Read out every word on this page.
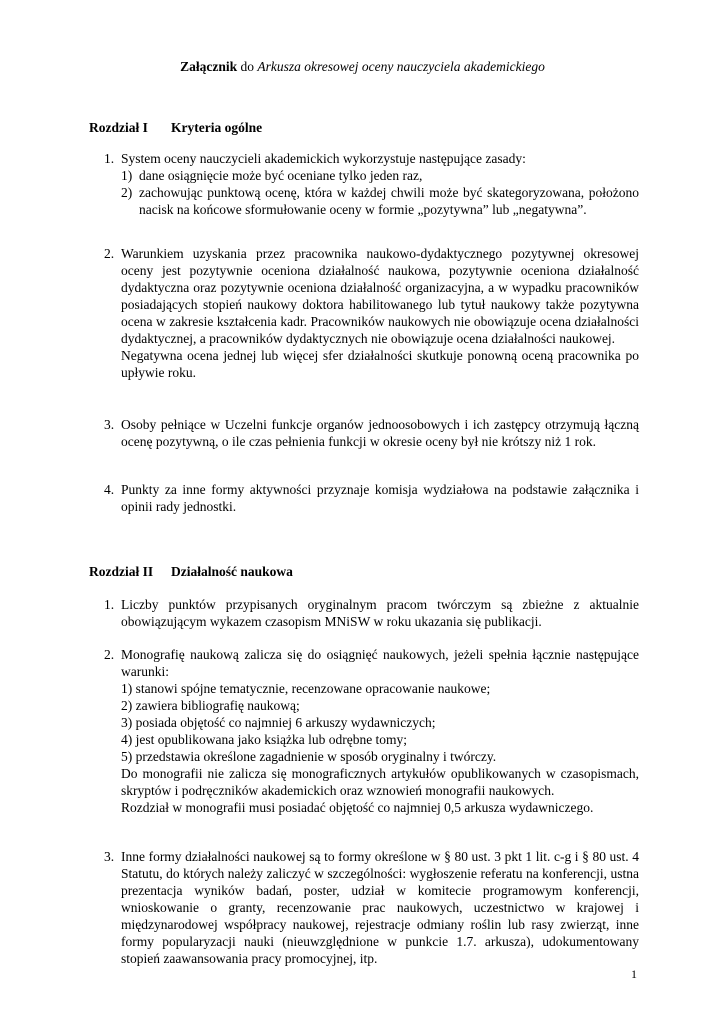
Załącznik do Arkusza okresowej oceny nauczyciela akademickiego
Rozdział I Kryteria ogólne
1. System oceny nauczycieli akademickich wykorzystuje następujące zasady:
1) dane osiągnięcie może być oceniane tylko jeden raz,
2) zachowując punktową ocenę, która w każdej chwili może być skategoryzowana, położono nacisk na końcowe sformułowanie oceny w formie „pozytywna” lub „negatywna”.
2. Warunkiem uzyskania przez pracownika naukowo-dydaktycznego pozytywnej okresowej oceny jest pozytywnie oceniona działalność naukowa, pozytywnie oceniona działalność dydaktyczna oraz pozytywnie oceniona działalność organizacyjna, a w wypadku pracowników posiadających stopień naukowy doktora habilitowanego lub tytuł naukowy także pozytywna ocena w zakresie kształcenia kadr. Pracowników naukowych nie obowiązuje ocena działalności dydaktycznej, a pracowników dydaktycznych nie obowiązuje ocena działalności naukowej.
Negatywna ocena jednej lub więcej sfer działalności skutkuje ponowną oceną pracownika po upływie roku.
3. Osoby pełniące w Uczelni funkcje organów jednoosobowych i ich zastępcy otrzymują łączną ocenę pozytywną, o ile czas pełnienia funkcji w okresie oceny był nie krótszy niż 1 rok.
4. Punkty za inne formy aktywności przyznaje komisja wydziałowa na podstawie załącznika i opinii rady jednostki.
Rozdział II Działalność naukowa
1. Liczby punktów przypisanych oryginalnym pracom twórczym są zbieżne z aktualnie obowiązującym wykazem czasopism MNiSW w roku ukazania się publikacji.
2. Monografię naukową zalicza się do osiągnięć naukowych, jeżeli spełnia łącznie następujące warunki:
1) stanowi spójne tematycznie, recenzowane opracowanie naukowe;
2) zawiera bibliografię naukową;
3) posiada objętość co najmniej 6 arkuszy wydawniczych;
4) jest opublikowana jako książka lub odrębne tomy;
5) przedstawia określone zagadnienie w sposób oryginalny i twórczy.
Do monografii nie zalicza się monograficznych artykułów opublikowanych w czasopismach, skryptów i podręczników akademickich oraz wznowień monografii naukowych.
Rozdział w monografii musi posiadać objętość co najmniej 0,5 arkusza wydawniczego.
3. Inne formy działalności naukowej są to formy określone w § 80 ust. 3 pkt 1 lit. c-g i § 80 ust. 4 Statutu, do których należy zaliczyć w szczególności: wygłoszenie referatu na konferencji, ustna prezentacja wyników badań, poster, udział w komitecie programowym konferencji, wnioskowanie o granty, recenzowanie prac naukowych, uczestnictwo w krajowej i międzynarodowej współpracy naukowej, rejestracje odmiany roślin lub rasy zwierząt, inne formy popularyzacji nauki (nieuwzględnione w punkcie 1.7. arkusza), udokumentowany stopień zaawansowania pracy promocyjnej, itp.
1
